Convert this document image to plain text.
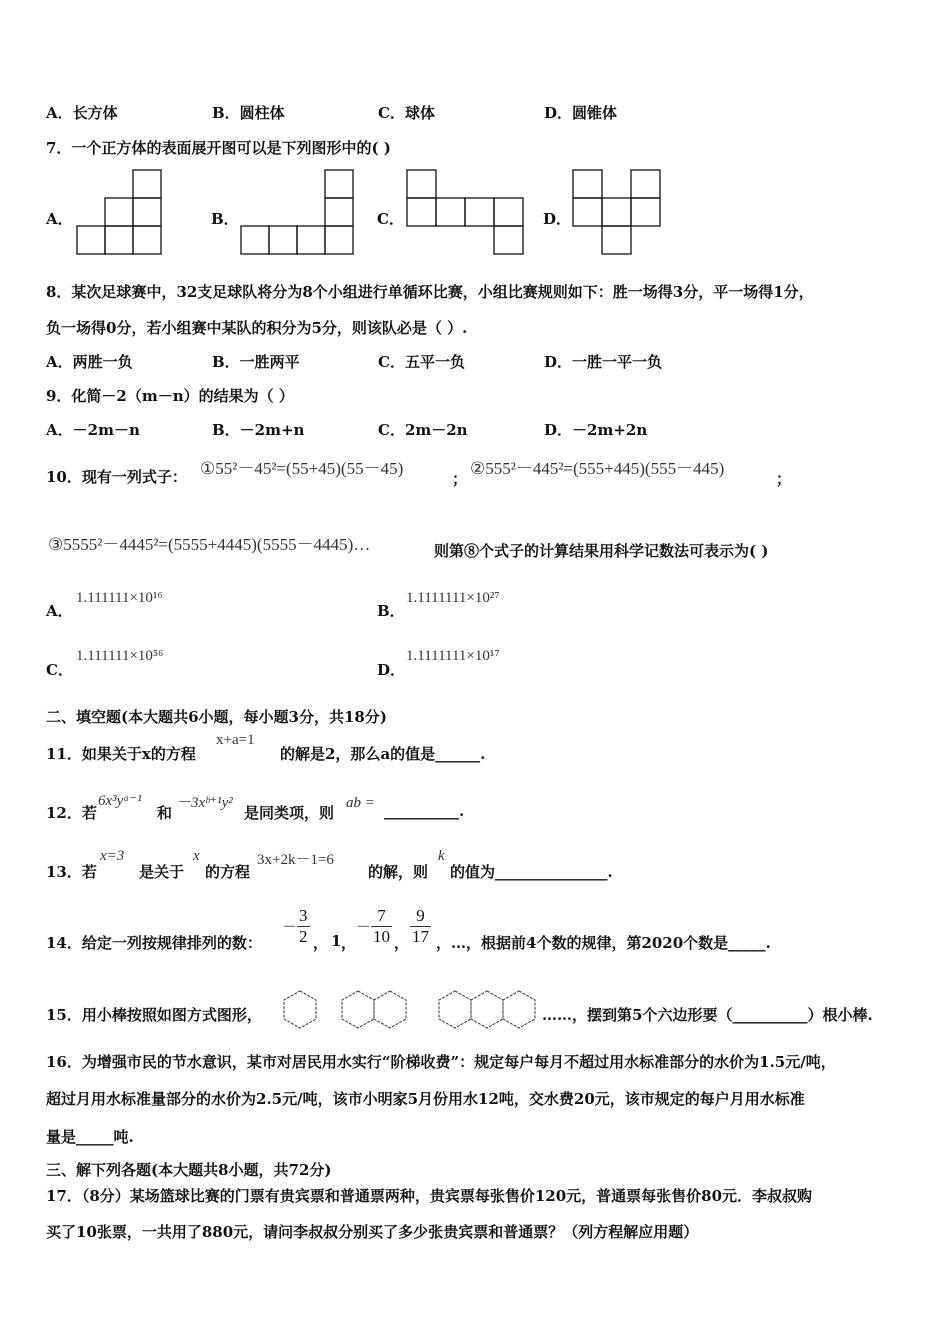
A．长方体	B．圆柱体	C．球体	D．圆锥体
7．一个正方体的表面展开图可以是下列图形中的( )
A．	B．	C．	D．
8．某次足球赛中，32支足球队将分为8个小组进行单循环比赛，小组比赛规则如下：胜一场得3分，平一场得1分，
负一场得0分，若小组赛中某队的积分为5分，则该队必是（ ）.
A．两胜一负	B．一胜两平	C．五平一负	D．一胜一平一负
9．化简－2（m－n）的结果为（ ）
A．－2m－n	B．－2m+n	C．2m－2n	D．－2m+2n
10．现有一列式子： ①55²－45²=(55+45)(55－45)
；
②555²－445²=(555+445)(555－445)
；
③5555²－4445²=(5555+4445)(5555－4445)…	则第⑧个式子的计算结果用科学记数法可表示为( )
A．
1.111111×10¹⁶
B．
1.1111111×10²⁷
C．
1.111111×10⁵⁶
D．
1.1111111×10¹⁷
二、填空题(本大题共6小题，每小题3分，共18分)
11．如果关于x的方程
x+a=1
的解是2，那么a的值是______.
12．若
6x³yᵃ⁻¹
和
－3xᵇ⁺¹y²
是同类项，则
ab = __________.
13．若
x=3
是关于
x
的方程
3x+2k－1=6
的解，则
k
的值为_______________.
14．给定一列按规律排列的数：
－ $\frac{3}{2}$ ， 1 ，
－ $\frac{7}{10}$ ， $\frac{9}{17}$ ，…，根据前4个数的规律，第2020个数是_____.
15．用小棒按照如图方式图形，	……，摆到第5个六边形要（__________）根小棒.
16．为增强市民的节水意识，某市对居民用水实行“阶梯收费”：规定每户每月不超过用水标准部分的水价为1.5元/吨，
超过月用水标准量部分的水价为2.5元/吨，该市小明家5月份用水12吨，交水费20元，该市规定的每户月用水标准
量是_____吨.
三、解下列各题(本大题共8小题，共72分)
17．（8分）某场篮球比赛的门票有贵宾票和普通票两种，贵宾票每张售价120元，普通票每张售价80元．李叔叔购
买了10张票，一共用了880元，请问李叔叔分别买了多少张贵宾票和普通票？（列方程解应用题）
